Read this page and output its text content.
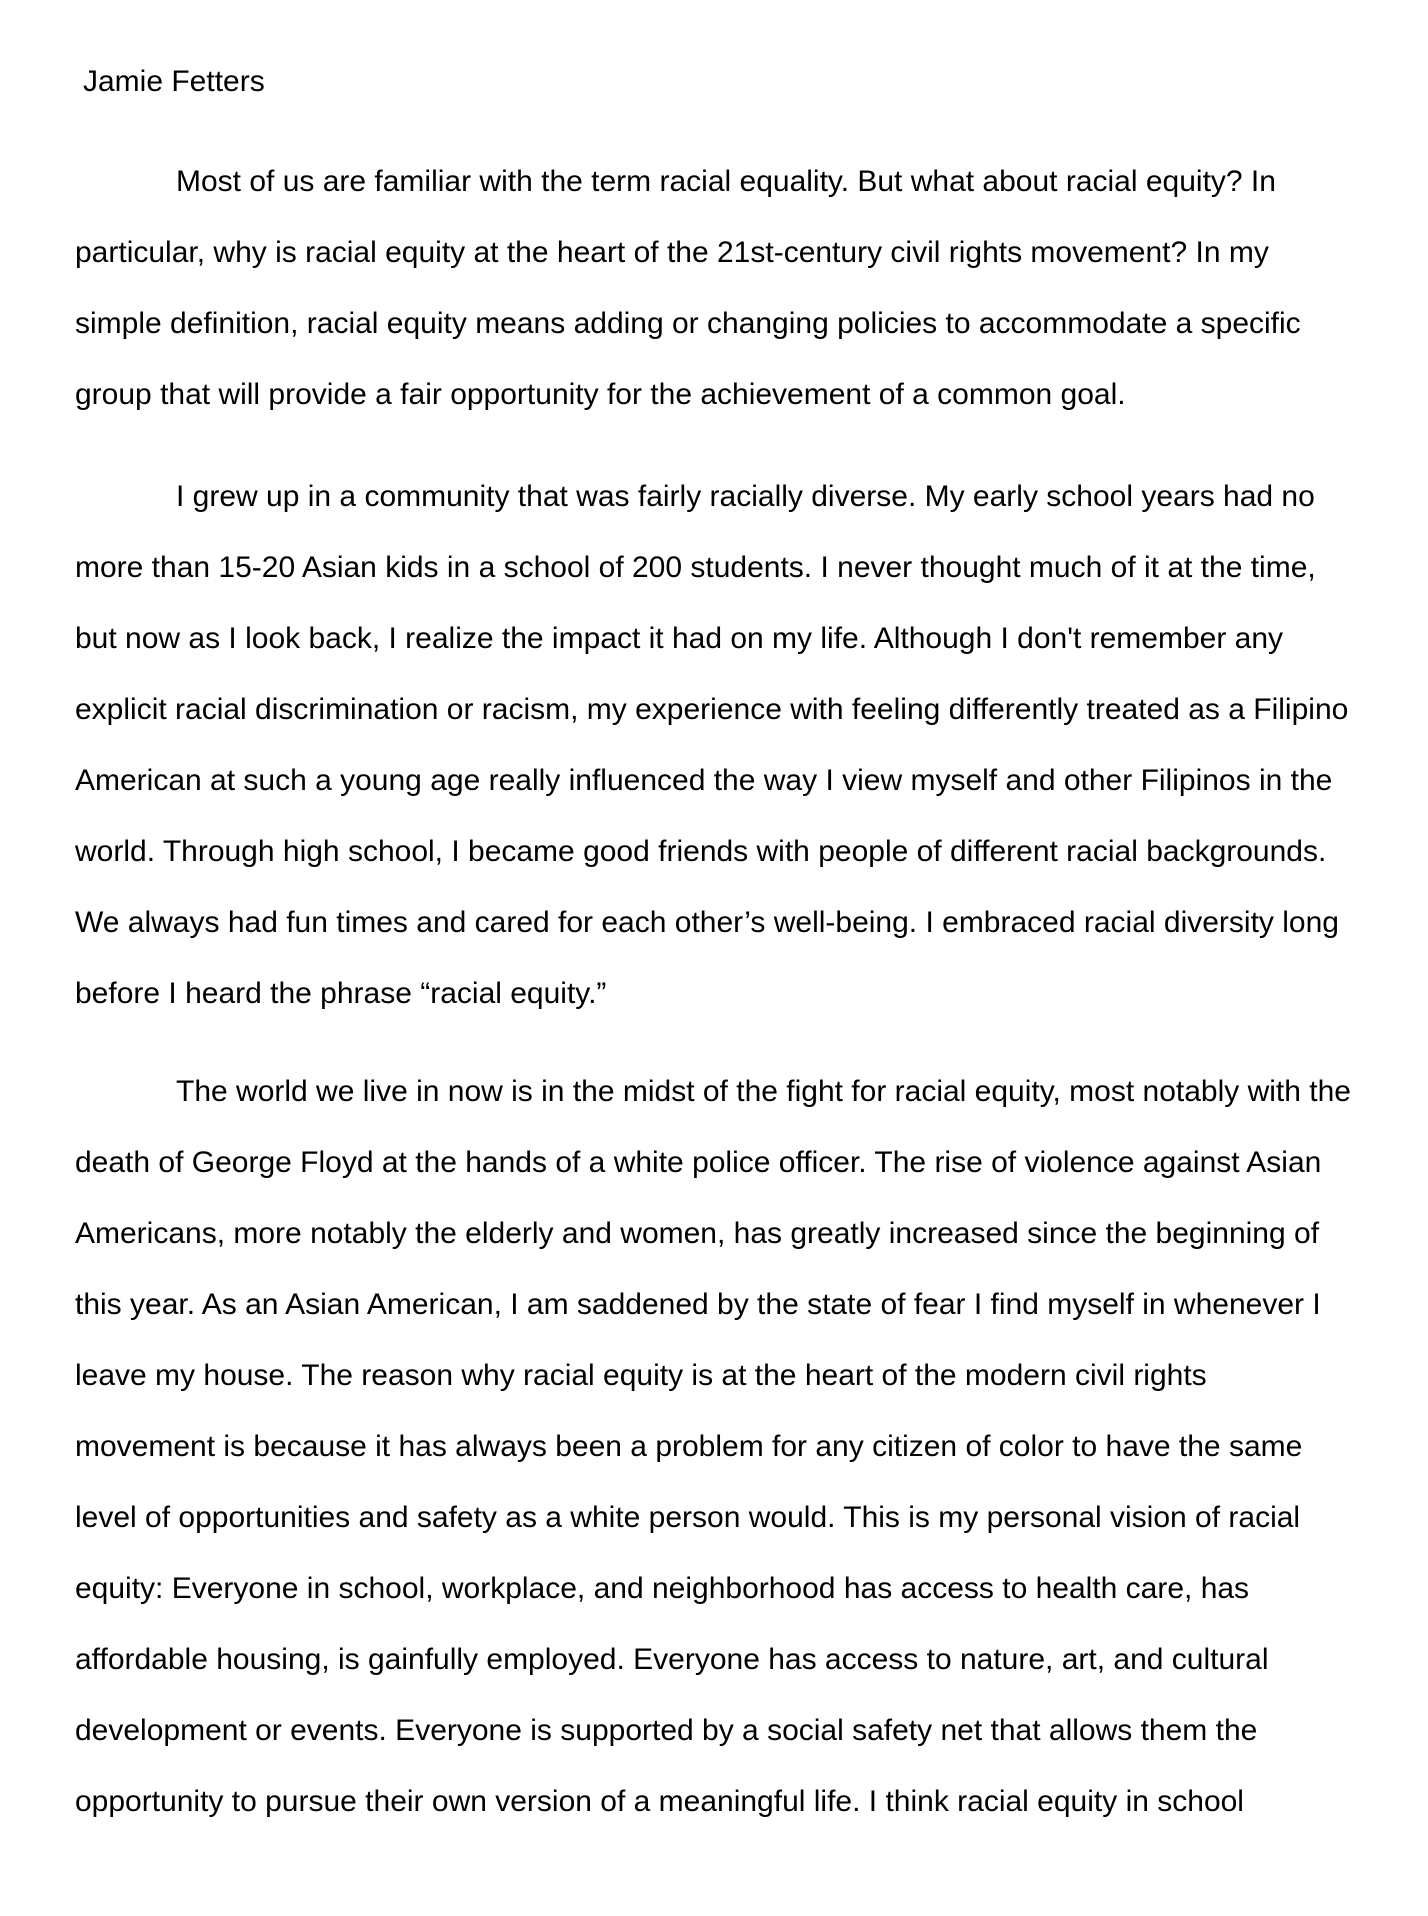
Jamie Fetters
Most of us are familiar with the term racial equality. But what about racial equity? In
particular, why is racial equity at the heart of the 21st-century civil rights movement? In my
simple definition, racial equity means adding or changing policies to accommodate a specific
group that will provide a fair opportunity for the achievement of a common goal.
I grew up in a community that was fairly racially diverse. My early school years had no
more than 15-20 Asian kids in a school of 200 students. I never thought much of it at the time,
but now as I look back, I realize the impact it had on my life. Although I don't remember any
explicit racial discrimination or racism, my experience with feeling differently treated as a Filipino
American at such a young age really influenced the way I view myself and other Filipinos in the
world. Through high school, I became good friends with people of different racial backgrounds.
We always had fun times and cared for each other’s well-being. I embraced racial diversity long
before I heard the phrase “racial equity.”
The world we live in now is in the midst of the fight for racial equity, most notably with the
death of George Floyd at the hands of a white police officer. The rise of violence against Asian
Americans, more notably the elderly and women, has greatly increased since the beginning of
this year. As an Asian American, I am saddened by the state of fear I find myself in whenever I
leave my house. The reason why racial equity is at the heart of the modern civil rights
movement is because it has always been a problem for any citizen of color to have the same
level of opportunities and safety as a white person would. This is my personal vision of racial
equity: Everyone in school, workplace, and neighborhood has access to health care, has
affordable housing, is gainfully employed. Everyone has access to nature, art, and cultural
development or events. Everyone is supported by a social safety net that allows them the
opportunity to pursue their own version of a meaningful life. I think racial equity in school
